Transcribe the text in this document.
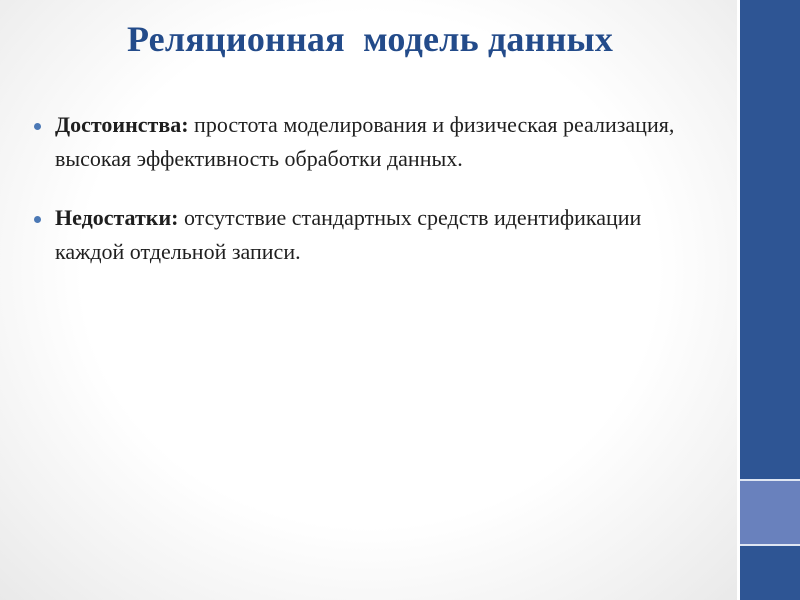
Реляционная  модель данных
Достоинства: простота моделирования и физическая реализация, высокая эффективность обработки данных.
Недостатки: отсутствие стандартных средств идентификации каждой отдельной записи.
